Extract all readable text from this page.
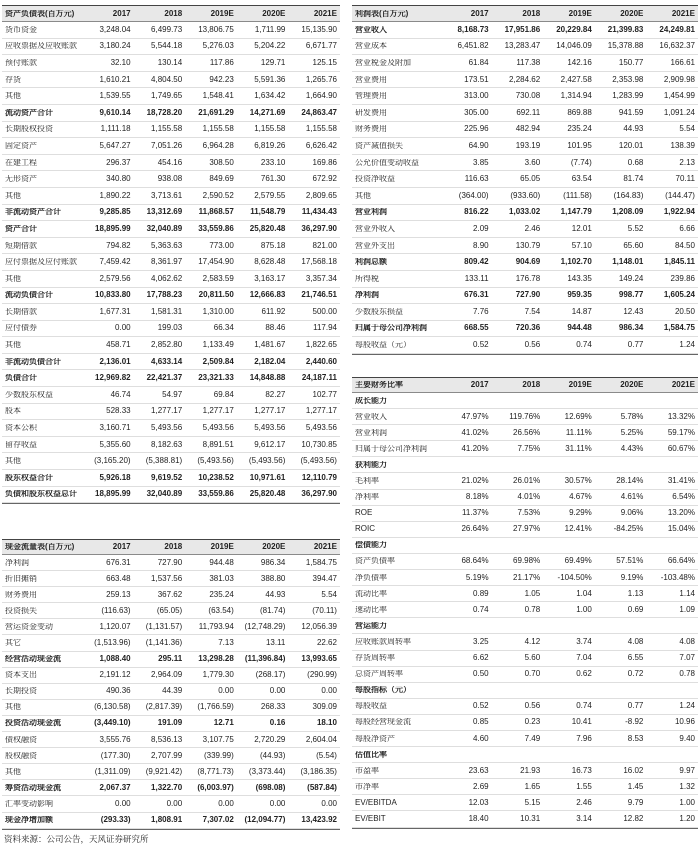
资产负债表(百万元)	2017	2018	2019E	2020E	2021E
货币资金	3,248.04	6,499.73	13,806.75	1,711.99	15,135.90
应收票据及应收账款	3,180.24	5,544.18	5,276.03	5,204.22	6,671.77
预付账款	32.10	130.14	117.86	129.71	125.15
存货	1,610.21	4,804.50	942.23	5,591.36	1,265.76
其他	1,539.55	1,749.65	1,548.41	1,634.42	1,664.90
流动资产合计	9,610.14	18,728.20	21,691.29	14,271.69	24,863.47
长期股权投资	1,111.18	1,155.58	1,155.58	1,155.58	1,155.58
固定资产	5,647.27	7,051.26	6,964.28	6,819.26	6,626.42
在建工程	296.37	454.16	308.50	233.10	169.86
无形资产	340.80	938.08	849.69	761.30	672.92
其他	1,890.22	3,713.61	2,590.52	2,579.55	2,809.65
非流动资产合计	9,285.85	13,312.69	11,868.57	11,548.79	11,434.43
资产合计	18,895.99	32,040.89	33,559.86	25,820.48	36,297.90
短期借款	794.82	5,363.63	773.00	875.18	821.00
应付票据及应付账款	7,459.42	8,361.97	17,454.90	8,628.48	17,568.18
其他	2,579.56	4,062.62	2,583.59	3,163.17	3,357.34
流动负债合计	10,833.80	17,788.23	20,811.50	12,666.83	21,746.51
长期借款	1,677.31	1,581.31	1,310.00	611.92	500.00
应付债券	0.00	199.03	66.34	88.46	117.94
其他	458.71	2,852.80	1,133.49	1,481.67	1,822.65
非流动负债合计	2,136.01	4,633.14	2,509.84	2,182.04	2,440.60
负债合计	12,969.82	22,421.37	23,321.33	14,848.88	24,187.11
少数股东权益	46.74	54.97	69.84	82.27	102.77
股本	528.33	1,277.17	1,277.17	1,277.17	1,277.17
资本公积	3,160.71	5,493.56	5,493.56	5,493.56	5,493.56
留存收益	5,355.60	8,182.63	8,891.51	9,612.17	10,730.85
其他	(3,165.20)	(5,388.81)	(5,493.56)	(5,493.56)	(5,493.56)
股东权益合计	5,926.18	9,619.52	10,238.52	10,971.61	12,110.79
负债和股东权益总计	18,895.99	32,040.89	33,559.86	25,820.48	36,297.90
利润表(百万元)	2017	2018	2019E	2020E	2021E
营业收入	8,168.73	17,951.86	20,229.84	21,399.83	24,249.81
营业成本	6,451.82	13,283.47	14,046.09	15,378.88	16,632.37
营业税金及附加	61.84	117.38	142.16	150.77	166.61
营业费用	173.51	2,284.62	2,427.58	2,353.98	2,909.98
管理费用	313.00	730.08	1,314.94	1,283.99	1,454.99
研发费用	305.00	692.11	869.88	941.59	1,091.24
财务费用	225.96	482.94	235.24	44.93	5.54
资产减值损失	64.90	193.19	101.95	120.01	138.39
公允价值变动收益	3.85	3.60	(7.74)	0.68	2.13
投资净收益	116.63	65.05	63.54	81.74	70.11
其他	(364.00)	(933.60)	(111.58)	(164.83)	(144.47)
营业利润	816.22	1,033.02	1,147.79	1,208.09	1,922.94
营业外收入	2.09	2.46	12.01	5.52	6.66
营业外支出	8.90	130.79	57.10	65.60	84.50
利润总额	809.42	904.69	1,102.70	1,148.01	1,845.11
所得税	133.11	176.78	143.35	149.24	239.86
净利润	676.31	727.90	959.35	998.77	1,605.24
少数股东损益	7.76	7.54	14.87	12.43	20.50
归属于母公司净利润	668.55	720.36	944.48	986.34	1,584.75
每股收益（元）	0.52	0.56	0.74	0.77	1.24
主要财务比率	2017	2018	2019E	2020E	2021E
成长能力
营业收入	47.97%	119.76%	12.69%	5.78%	13.32%
营业利润	41.02%	26.56%	11.11%	5.25%	59.17%
归属于母公司净利润	41.20%	7.75%	31.11%	4.43%	60.67%
获利能力
毛利率	21.02%	26.01%	30.57%	28.14%	31.41%
净利率	8.18%	4.01%	4.67%	4.61%	6.54%
ROE	11.37%	7.53%	9.29%	9.06%	13.20%
ROIC	26.64%	27.97%	12.41%	-84.25%	15.04%
偿债能力
资产负债率	68.64%	69.98%	69.49%	57.51%	66.64%
净负债率	5.19%	21.17%	-104.50%	9.19%	-103.48%
流动比率	0.89	1.05	1.04	1.13	1.14
速动比率	0.74	0.78	1.00	0.69	1.09
营运能力
应收账款周转率	3.25	4.12	3.74	4.08	4.08
存货周转率	6.62	5.60	7.04	6.55	7.07
总资产周转率	0.50	0.70	0.62	0.72	0.78
每股指标（元）
每股收益	0.52	0.56	0.74	0.77	1.24
每股经营现金流	0.85	0.23	10.41	-8.92	10.96
每股净资产	4.60	7.49	7.96	8.53	9.40
估值比率
市盈率	23.63	21.93	16.73	16.02	9.97
市净率	2.69	1.65	1.55	1.45	1.32
EV/EBITDA	12.03	5.15	2.46	9.79	1.00
EV/EBIT	18.40	10.31	3.14	12.82	1.20
现金流量表(百万元)	2017	2018	2019E	2020E	2021E
净利润	676.31	727.90	944.48	986.34	1,584.75
折旧摊销	663.48	1,537.56	381.03	388.80	394.47
财务费用	259.13	367.62	235.24	44.93	5.54
投资损失	(116.63)	(65.05)	(63.54)	(81.74)	(70.11)
营运资金变动	1,120.07	(1,131.57)	11,793.94	(12,748.29)	12,056.39
其它	(1,513.96)	(1,141.36)	7.13	13.11	22.62
经营活动现金流	1,088.40	295.11	13,298.28	(11,396.84)	13,993.65
资本支出	2,191.12	2,964.09	1,779.30	(268.17)	(290.99)
长期投资	490.36	44.39	0.00	0.00	0.00
其他	(6,130.58)	(2,817.39)	(1,766.59)	268.33	309.09
投资活动现金流	(3,449.10)	191.09	12.71	0.16	18.10
债权融资	3,555.76	8,536.13	3,107.75	2,720.29	2,604.04
股权融资	(177.30)	2,707.99	(339.99)	(44.93)	(5.54)
其他	(1,311.09)	(9,921.42)	(8,771.73)	(3,373.44)	(3,186.35)
筹资活动现金流	2,067.37	1,322.70	(6,003.97)	(698.08)	(587.84)
汇率变动影响	0.00	0.00	0.00	0.00	0.00
现金净增加额	(293.33)	1,808.91	7,307.02	(12,094.77)	13,423.92
资料来源：公司公告，天风证券研究所
